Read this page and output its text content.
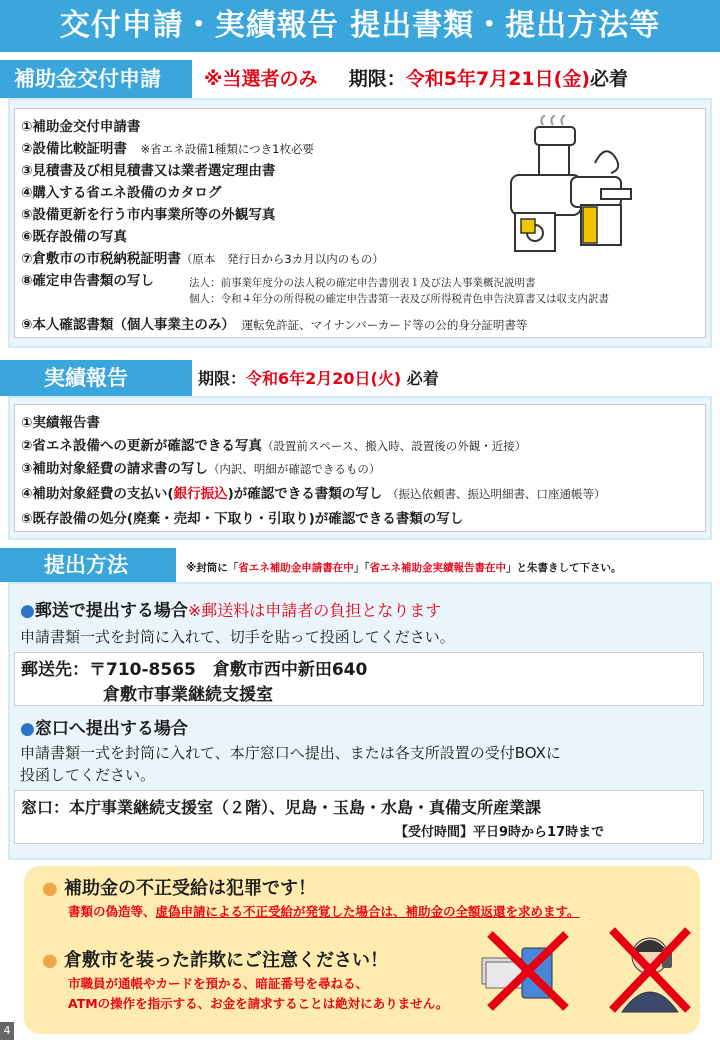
交付申請・実績報告 提出書類・提出方法等
補助金交付申請	※当選者のみ 期限：令和5年7月21日(金)必着
①補助金交付申請書
②設備比較証明書　 ※省エネ設備1種類につき1枚必要
③見積書及び相見積書又は業者選定理由書
④購入する省エネ設備のカタログ
⑤設備更新を行う市内事業所等の外観写真
⑥既存設備の写真
⑦倉敷市の市税納税証明書（原本　発行日から3カ月以内のもの）
⑧確定申告書類の写し	法人：前事業年度分の法人税の確定申告書別表１及び法人事業概況説明書
個人：令和４年分の所得税の確定申告書第一表及び所得税青色申告決算書又は収支内訳書
⑨本人確認書類（個人事業主のみ）　 運転免許証、マイナンバーカード等の公的身分証明書等
実績報告	期限：令和6年2月20日(火) 必着
①実績報告書
②省エネ設備への更新が確認できる写真（設置前スペース、搬入時、設置後の外観・近接）
③補助対象経費の請求書の写し（内訳、明細が確認できるもの）
④補助対象経費の支払い(銀行振込)が確認できる書類の写し （振込依頼書、振込明細書、口座通帳等）
⑤既存設備の処分(廃棄・売却・下取り・引取り)が確認できる書類の写し
提出方法	※封筒に「省エネ補助金申請書在中」「省エネ補助金実績報告書在中」と朱書きして下さい。
●郵送で提出する場合※郵送料は申請者の負担となります
申請書類一式を封筒に入れて、切手を貼って投函してください。
郵送先：〒710-8565　倉敷市西中新田640
倉敷市事業継続支援室
●窓口へ提出する場合
申請書類一式を封筒に入れて、本庁窓口へ提出、または各支所設置の受付BOXに
投函してください。
窓口：本庁事業継続支援室（２階）、児島・玉島・水島・真備支所産業課
【受付時間】平日9時から17時まで
● 補助金の不正受給は犯罪です！
書類の偽造等、虚偽申請による不正受給が発覚した場合は、補助金の全額返還を求めます。
● 倉敷市を装った詐欺にご注意ください！
市職員が通帳やカードを預かる、暗証番号を尋ねる、
ATMの操作を指示する、お金を請求することは絶対にありません。
4
